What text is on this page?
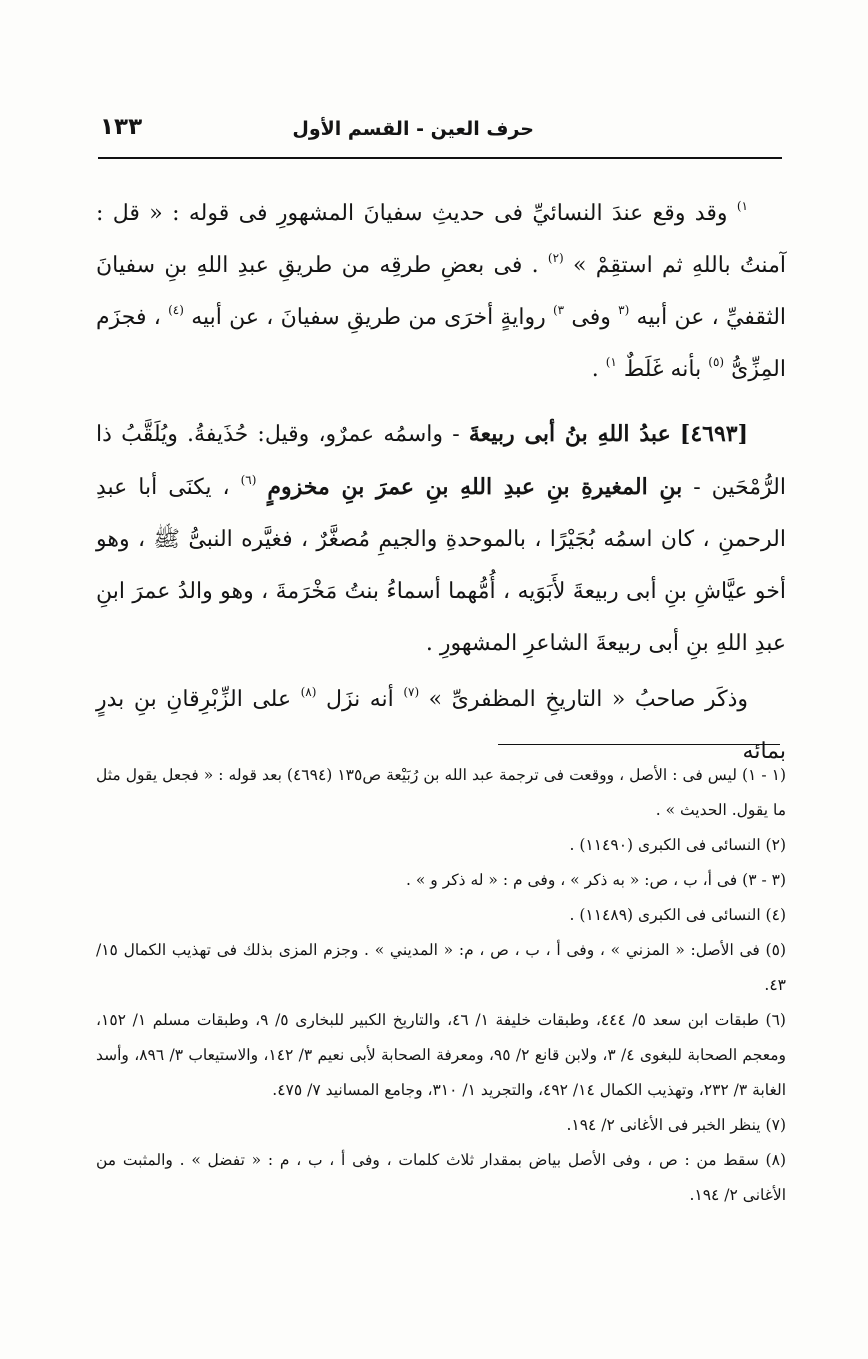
حرف العين - القسم الأول
١٣٣

$^{١)}$ وقد وقع عندَ النسائيِّ فى حديثِ سفيانَ المشهورِ فى قوله : « قل : آمنتُ باللهِ ثم استقِمْ » $^{(٢)}$ . فى بعضِ طرقِه من طريقِ عبدِ اللهِ بنِ سفيانَ الثقفيِّ ، عن أبيه $^{(٣}$ وفى $^{٣)}$ روايةٍ أخرَى من طريقِ سفيانَ ، عن أبيه $^{(٤)}$ ، فجزَم المِزِّىُّ $^{(٥)}$ بأنه غَلَطٌ $^{١)}$ .

[٤٦٩٣] عبدُ اللهِ بنُ أبى ربيعةَ - واسمُه عمرٌو، وقيل: حُذَيفةُ. ويُلَقَّبُ ذا الرُّمْحَين - بنِ المغيرةِ بنِ عبدِ اللهِ بنِ عمرَ بنِ مخزومٍ $^{(٦)}$ ، يكنَى أبا عبدِ الرحمنِ ، كان اسمُه بُجَيْرًا ، بالموحدةِ والجيمِ مُصغَّرٌ ، فغيَّره النبىُّ ﷺ ، وهو أخو عيَّاشِ بنِ أبى ربيعةَ لأَبَوَيه ، أُمُّهما أسماءُ بنتُ مَخْرَمةَ ، وهو والدُ عمرَ ابنِ عبدِ اللهِ بنِ أبى ربيعةَ الشاعرِ المشهورِ .

وذكَر صاحبُ « التاريخِ المظفرىِّ » $^{(٧)}$ أنه نزَل $^{(٨)}$ على الزِّبْرِقانِ بنِ بدرٍ بمائه

(١ - ١) ليس فى : الأصل ، ووقعت فى ترجمة عبد الله بن رُبَيْعة ص١٣٥ (٤٦٩٤) بعد قوله : « فجعل يقول مثل ما يقول. الحديث » .

(٢) النسائى فى الكبرى (١١٤٩٠) .

(٣ - ٣) فى أ، ب ، ص: « به ذكر » ، وفى م : « له ذكر و » .

(٤) النسائى فى الكبرى (١١٤٨٩) .

(٥) فى الأصل: « المزني » ، وفى أ ، ب ، ص ، م: « المديني » . وجزم المزى بذلك فى تهذيب الكمال ١٥/ ٤٣.

(٦) طبقات ابن سعد ٥/ ٤٤٤، وطبقات خليفة ١/ ٤٦، والتاريخ الكبير للبخارى ٥/ ٩، وطبقات مسلم ١/ ١٥٢، ومعجم الصحابة للبغوى ٤/ ٣، ولابن قانع ٢/ ٩٥، ومعرفة الصحابة لأبى نعيم ٣/ ١٤٢، والاستيعاب ٣/ ٨٩٦، وأسد الغابة ٣/ ٢٣٢، وتهذيب الكمال ١٤/ ٤٩٢، والتجريد ١/ ٣١٠، وجامع المسانيد ٧/ ٤٧٥.

(٧) ينظر الخبر فى الأغانى ٢/ ١٩٤.

(٨) سقط من : ص ، وفى الأصل بياض بمقدار ثلاث كلمات ، وفى أ ، ب ، م : « تفضل » . والمثبت من الأغانى ٢/ ١٩٤.
